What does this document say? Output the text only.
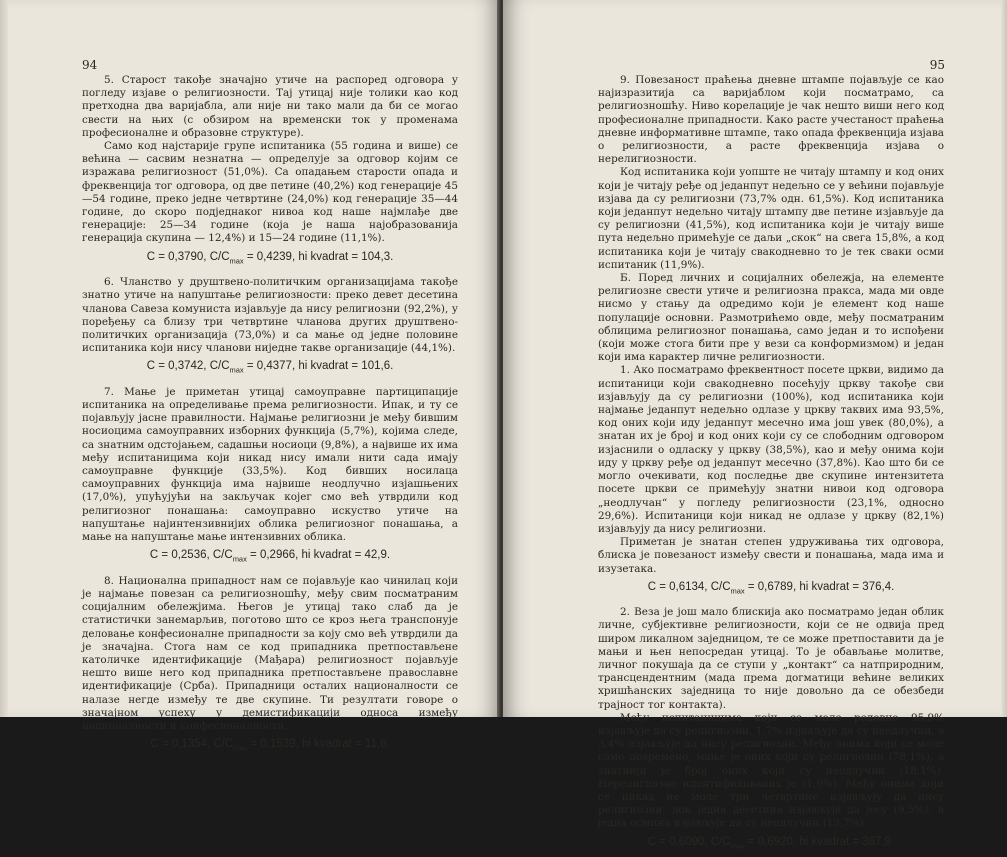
94

5. Старост такође значајно утиче на распоред одговора у погледу изјаве о религиозности. Тај утицај није толики као код претходна два варијабла, али није ни тако мали да би се могао свести на њих (с обзиром на временски ток у променама професионалне и образовне структуре).

Само код најстарије групе испитаника (55 година и више) се већина — сасвим незнатна — определује за одговор којим се изражава религиозност (51,0%). Са опадањем старости опада и фреквенција тог одговора, од две петине (40,2%) код генерације 45—54 године, преко једне четвртине (24,0%) код генерације 35—44 године, до скоро подједнаког нивоа код наше најмлађе две генерације: 25—34 године (која је наша најобразованија генерација скупина — 12,4%) и 15—24 године (11,1%).

C = 0,3790, $C/C_{max} = 0,4239$, hi kvadrat = 104,3.

6. Чланство у друштвено-политичким организацијама такође знатно утиче на напуштање религиозности: преко девет десетина чланова Савеза комуниста изјављује да нису религиозни (92,2%), у поређењу са близу три четвртине чланова других друштвено-политичких организација (73,0%) и са мање од једне половине испитаника који нису чланови ниједне такве организације (44,1%).

C = 0,3742, $C/C_{max} = 0,4377$, hi kvadrat = 101,6.

7. Мање је приметан утицај самоуправне партиципације испитаника на определивање према религиозности. Ипак, и ту се појављују јасне правилности. Најмање религиозни је међу бившим носиоцима самоуправних изборних функција (5,7%), којима следе, са знатним одстојањем, садашњи носиоци (9,8%), а највише их има међу испитаницима који никад нису имали нити сада имају самоуправне функције (33,5%). Код бивших носилаца самоуправних функција има највише неодлучно изјашњених (17,0%), упућујући на закључак којег смо већ утврдили код религиозног понашања: самоуправно искуство утиче на напуштање најинтензивнијих облика религиозног понашања, а мање на напуштање мање интензивних облика.

C = 0,2536, $C/C_{max} = 0,2966$, hi kvadrat = 42,9.

8. Национална припадност нам се појављује као чинилац који је најмање повезан са религиозношћу, међу свим посматраним социјалним обележјима. Његов је утицај тако слаб да је статистички занемарљив, поготово што се кроз њега транспонује деловање конфесионалне припадности за коју смо већ утврдили да је значајна. Стога нам се код припадника претпостављене католичке идентификације (Мађара) религиозност појављује нешто више него код припадника претпостављене православне идентификације (Срба). Припадници осталих националности се налазе негде између те две скупине. Ти резултати говоре о значајном успеху у демистификацији односа између националности и конфесионалности.

C = 0,1354, $C/C_{max} = 0,1539$, hi kvadrat = 11,6.
95

9. Повезаност праћења дневне штампе појављује се као најизразитија са варијаблом који посматрамо, са религиозношћу. Ниво корелације је чак нешто виши него код професионалне припадности. Како расте учестаност праћења дневне информативне штампе, тако опада фреквенција изјава о религиозности, а расте фреквенција изјава о нерелигиозности.

Код испитаника који уопште не читају штампу и код оних који је читају ређе од једанпут недељно се у већини појављује изјава да су религиозни (73,7% одн. 61,5%). Код испитаника који једанпут недељно читају штампу две петине изјављује да су религиозни (41,5%), код испитаника који је читају више пута недељно примећује се даљи „скок“ на свега 15,8%, а код испитаника који је читају свакодневно то је тек сваки осми испитаник (11,9%).

Б. Поред личних и социјалних обележја, на елементе религиозне свести утиче и религиозна пракса, мада ми овде нисмо у стању да одредимо који је елемент код наше популације основни. Размотрићемо овде, међу посматраним облицима религиозног понашања, само један и то испођени (који може стога бити пре у вези са конформизмом) и један који има карактер личне религиозности.

1. Ако посматрамо фреквентност посете цркви, видимо да испитаници који свакодневно посећују цркву такође сви изјављују да су религиозни (100%), код испитаника који најмање једанпут недељно одлазе у цркву таквих има 93,5%, код оних који иду једанпут месечно има још увек (80,0%), а знатан их је број и код оних који су се слободним одговором изјаснили о одласку у цркву (38,5%), као и међу онима који иду у цркву ређе од једанпут месечно (37,8%). Као што би се могло очекивати, код последње две скупине интензитета посете цркви се примећују знатни нивои код одговора „неодлучан“ у погледу религиозности (23,1%, односно 29,6%). Испитаници који никад не одлазе у цркву (82,1%) изјављују да нису религиозни.

Приметан је знатан степен удруживања тих одговора, блиска је повезаност између свести и понашања, мада има и изузетака.

C = 0,6134, $C/C_{max} = 0,6789$, hi kvadrat = 376,4.

2. Веза је још мало блискија ако посматрамо један облик личне, субјективне религиозности, који се не одвија пред широм ликалном заједницом, те се може претпоставити да је мањи и њен непосредан утицај. То је обављање молитве, личног покушаја да се ступи у „контакт“ са натприродним, трансцендентним (мада према догматици вeћине великих хришћанских заједница то није довољно да се обезбеди трајност тог контакта).

Међу испитаницима који се моле редовно 95,9% изјављује да су религиозни, 1,7% изјављује да су неодлучни, а 3,4% изјављује да нису религиозни. Међу онима који се моле само повремено, мање је оних који су религиозни (78,1%), а знатнији је број оних који су неодлучни (18,1%). Нерелигиозно идентификованих је (1,9%). Међу онима који се никад не моле три четвртине изјављују да нису религиозни, док једна десетина изјављује да јесу (9,5%), а једна осмина изјављује да су неодлучни (13,7%).

C = 0,6090, $C/C_{max} = 0,6920$, hi kvadrat = 367,9.
